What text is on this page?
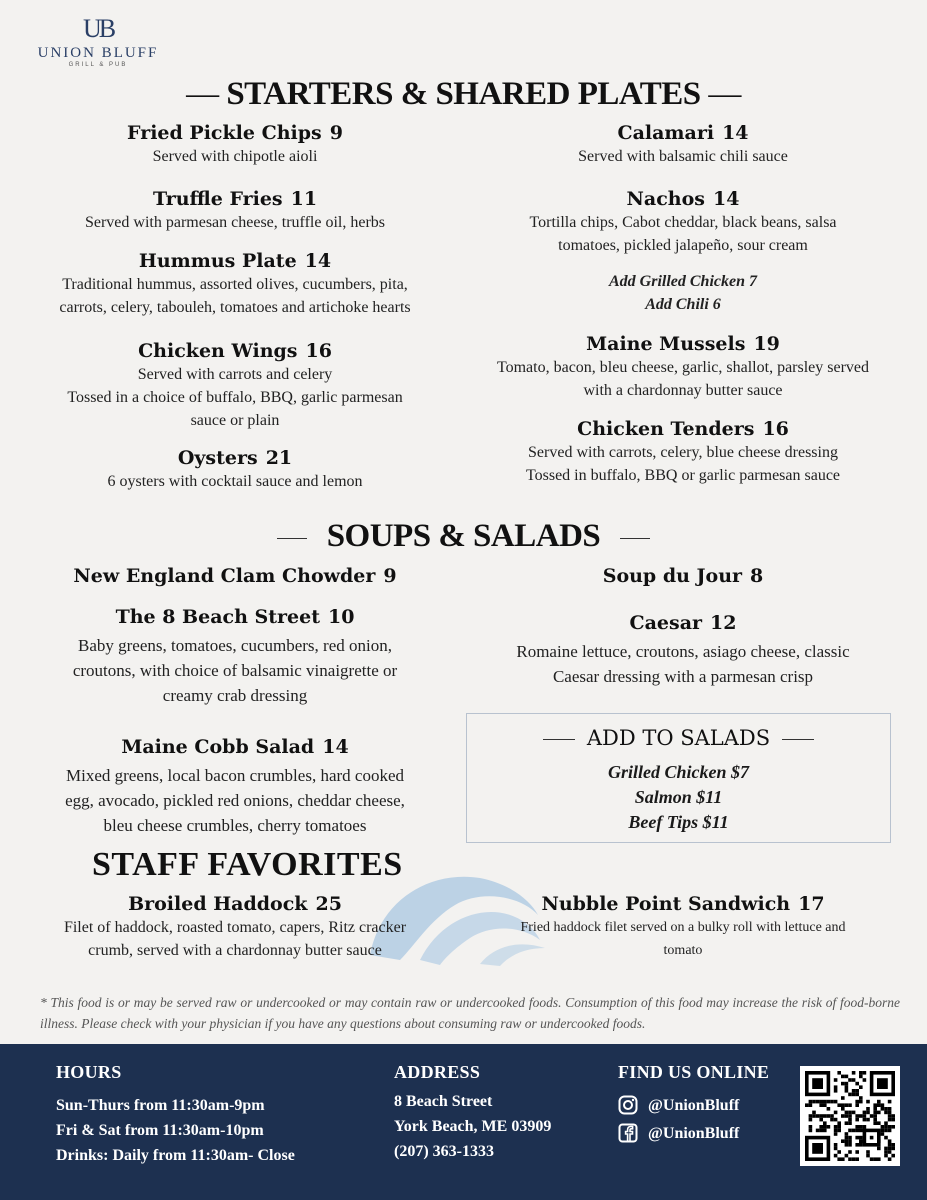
UB
UNION BLUFF
GRILL & PUB
— STARTERS & SHARED PLATES —
Fried Pickle Chips 9
Served with chipotle aioli
Truffle Fries 11
Served with parmesan cheese, truffle oil, herbs
Hummus Plate 14
Traditional hummus, assorted olives, cucumbers, pita,
carrots, celery, tabouleh, tomatoes and artichoke hearts
Chicken Wings 16
Served with carrots and celery
Tossed in a choice of buffalo, BBQ, garlic parmesan
sauce or plain
Oysters 21
6 oysters with cocktail sauce and lemon
Calamari 14
Served with balsamic chili sauce
Nachos 14
Tortilla chips, Cabot cheddar, black beans, salsa
tomatoes, pickled jalapeño, sour cream
Add Grilled Chicken 7
Add Chili 6
Maine Mussels 19
Tomato, bacon, bleu cheese, garlic, shallot, parsley served
with a chardonnay butter sauce
Chicken Tenders 16
Served with carrots, celery, blue cheese dressing
Tossed in buffalo, BBQ or garlic parmesan sauce
SOUPS & SALADS
New England Clam Chowder 9
The 8 Beach Street 10
Baby greens, tomatoes, cucumbers, red onion,
croutons, with choice of balsamic vinaigrette or
creamy crab dressing
Maine Cobb Salad 14
Mixed greens, local bacon crumbles, hard cooked
egg, avocado, pickled red onions, cheddar cheese,
bleu cheese crumbles, cherry tomatoes
Soup du Jour 8
Caesar 12
Romaine lettuce, croutons, asiago cheese, classic
Caesar dressing with a parmesan crisp
ADD TO SALADS
Grilled Chicken $7
Salmon $11
Beef Tips $11
STAFF FAVORITES
Broiled Haddock 25
Filet of haddock, roasted tomato, capers, Ritz cracker
crumb, served with a chardonnay butter sauce
Nubble Point Sandwich 17
Fried haddock filet served on a bulky roll with lettuce and
tomato
* This food is or may be served raw or undercooked or may contain raw or undercooked foods. Consumption of this food may increase the risk of food-borne illness. Please check with your physician if you have any questions about consuming raw or undercooked foods.
HOURS
Sun-Thurs from 11:30am-9pm
Fri & Sat from 11:30am-10pm
Drinks: Daily from 11:30am- Close
ADDRESS
8 Beach Street
York Beach, ME 03909
(207) 363-1333
FIND US ONLINE
@UnionBluff
@UnionBluff
